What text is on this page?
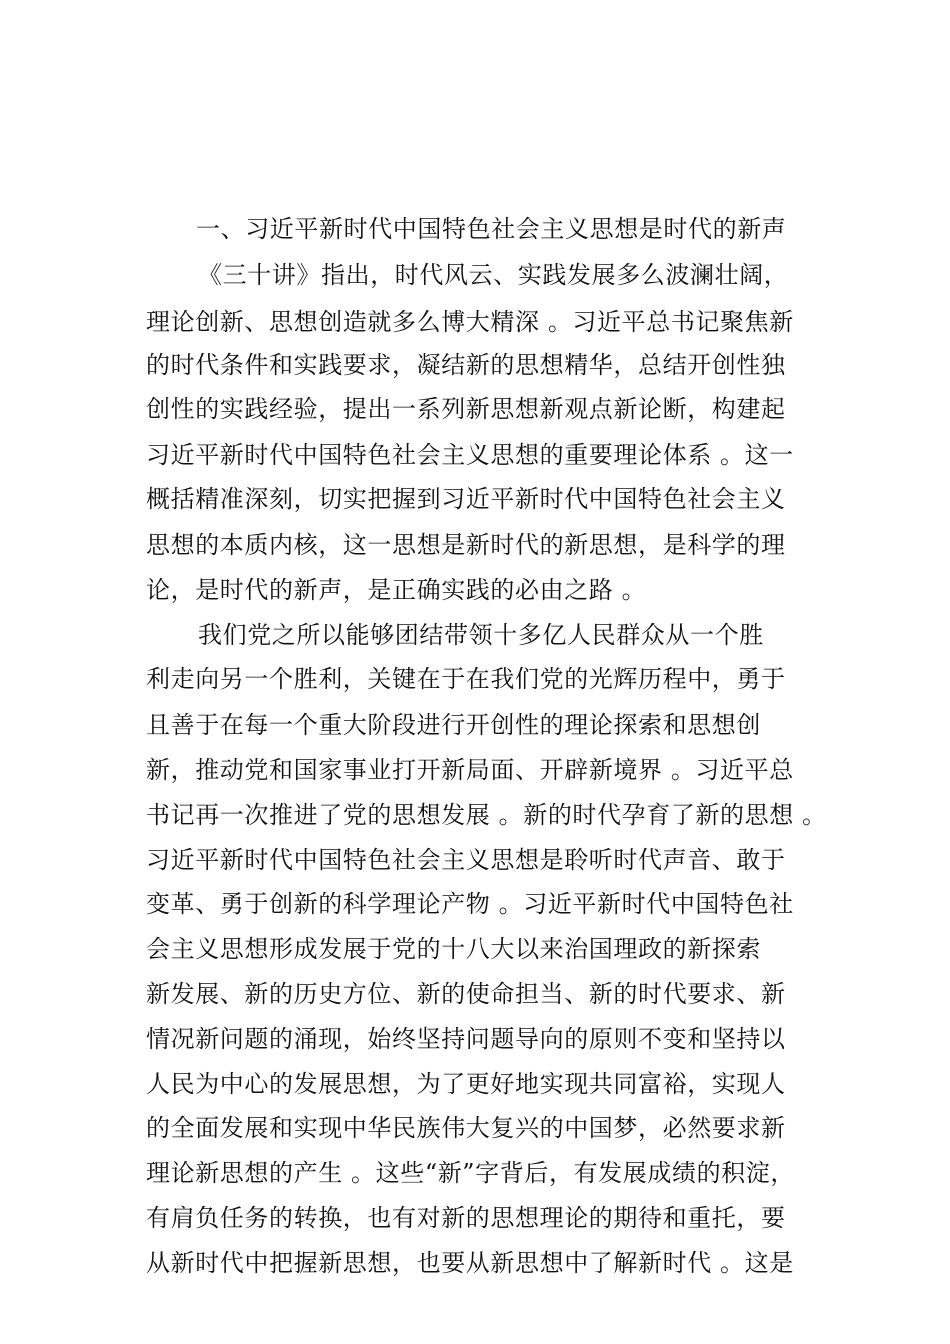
一、习近平新时代中国特色社会主义思想是时代的新声
《三十讲》指出，时代风云、实践发展多么波澜壮阔，
理论创新、思想创造就多么博大精深 。习近平总书记聚焦新
的时代条件和实践要求，凝结新的思想精华，总结开创性独
创性的实践经验，提出一系列新思想新观点新论断，构建起
习近平新时代中国特色社会主义思想的重要理论体系 。这一
概括精准深刻，切实把握到习近平新时代中国特色社会主义
思想的本质内核，这一思想是新时代的新思想，是科学的理
论，是时代的新声，是正确实践的必由之路 。
我们党之所以能够团结带领十多亿人民群众从一个胜
利走向另一个胜利，关键在于在我们党的光辉历程中，勇于
且善于在每一个重大阶段进行开创性的理论探索和思想创
新，推动党和国家事业打开新局面、开辟新境界 。习近平总
书记再一次推进了党的思想发展 。新的时代孕育了新的思想 。
习近平新时代中国特色社会主义思想是聆听时代声音、敢于
变革、勇于创新的科学理论产物 。习近平新时代中国特色社
会主义思想形成发展于党的十八大以来治国理政的新探索
新发展、新的历史方位、新的使命担当、新的时代要求、新
情况新问题的涌现，始终坚持问题导向的原则不变和坚持以
人民为中心的发展思想，为了更好地实现共同富裕，实现人
的全面发展和实现中华民族伟大复兴的中国梦，必然要求新
理论新思想的产生 。这些“新”字背后，有发展成绩的积淀，
有肩负任务的转换，也有对新的思想理论的期待和重托，要
从新时代中把握新思想，也要从新思想中了解新时代 。这是
